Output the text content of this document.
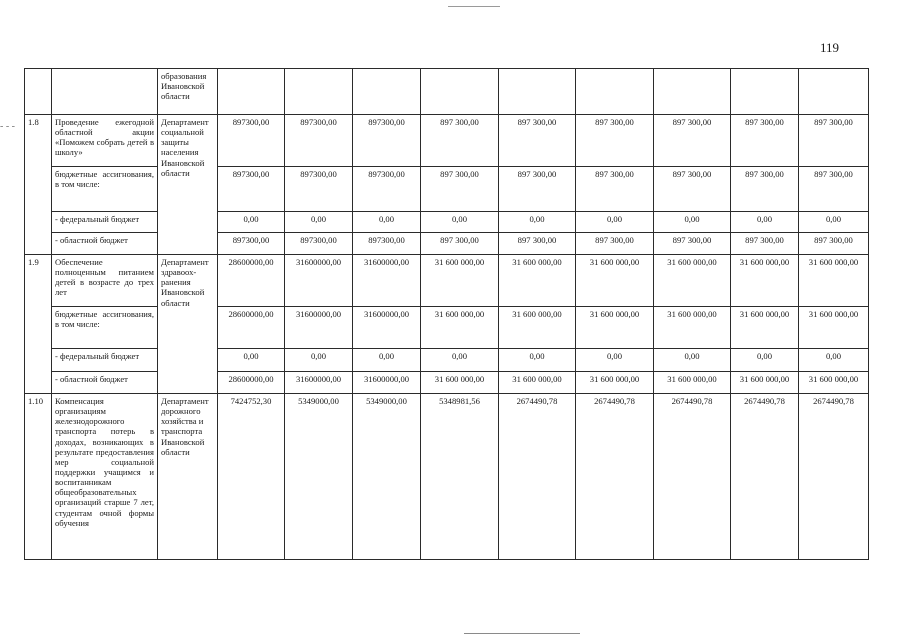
- - -
119
		образования Ивановской области									
1.8	Проведение ежегодной областной акции «Поможем собрать детей в школу»	Департамент социальной защиты населения Ивановской области	897300,00	897300,00	897300,00	897 300,00	897 300,00	897 300,00	897 300,00	897 300,00	897 300,00
	бюджетные ассигнования, в том числе:		897300,00	897300,00	897300,00	897 300,00	897 300,00	897 300,00	897 300,00	897 300,00	897 300,00
	- федеральный бюджет		0,00	0,00	0,00	0,00	0,00	0,00	0,00	0,00	0,00
	- областной бюджет		897300,00	897300,00	897300,00	897 300,00	897 300,00	897 300,00	897 300,00	897 300,00	897 300,00
1.9	Обеспечение полноценным питанием детей в возрасте до трех лет	Департамент здравоох-ранения Ивановской области	28600000,00	31600000,00	31600000,00	31 600 000,00	31 600 000,00	31 600 000,00	31 600 000,00	31 600 000,00	31 600 000,00
	бюджетные ассигнования, в том числе:		28600000,00	31600000,00	31600000,00	31 600 000,00	31 600 000,00	31 600 000,00	31 600 000,00	31 600 000,00	31 600 000,00
	- федеральный бюджет		0,00	0,00	0,00	0,00	0,00	0,00	0,00	0,00	0,00
	- областной бюджет		28600000,00	31600000,00	31600000,00	31 600 000,00	31 600 000,00	31 600 000,00	31 600 000,00	31 600 000,00	31 600 000,00
1.10	Компенсация организациям железнодорожного транспорта потерь в доходах, возникающих в результате предоставления мер социальной поддержки учащимся и воспитанникам общеобразовательных организаций старше 7 лет, студентам очной формы обучения	Департамент дорожного хозяйства и транспорта Ивановской области	7424752,30	5349000,00	5349000,00	5348981,56	2674490,78	2674490,78	2674490,78	2674490,78	2674490,78
